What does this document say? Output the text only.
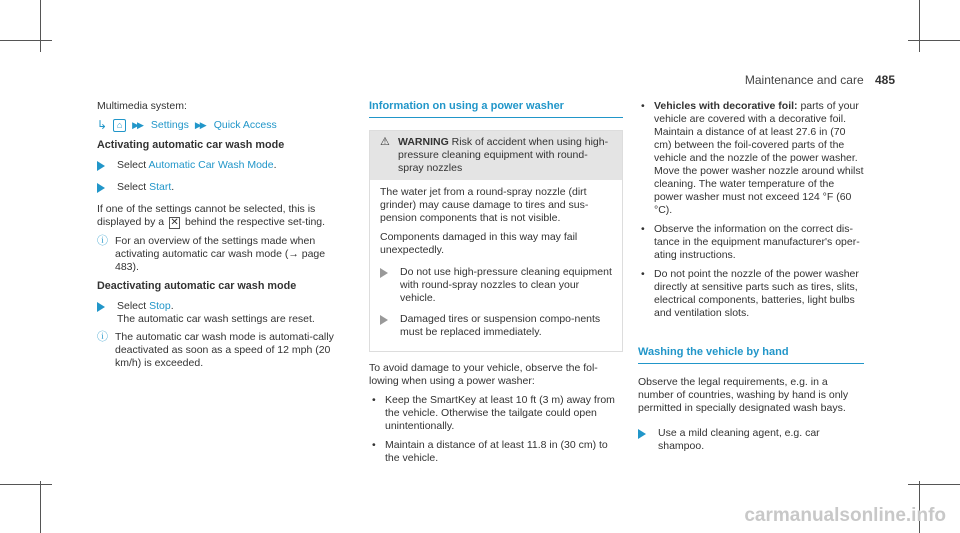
Maintenance and care 485

Multimedia system:

↳	⌂	▶▶ Settings ▶▶ Quick Access
Activating automatic car wash mode
Select Automatic Car Wash Mode.
Select Start.

If one of the settings cannot be selected, this is displayed by a ✕ behind the respective set-ting.

ⓘ For an overview of the settings made when activating automatic car wash mode (→ page 483).
Deactivating automatic car wash mode
Select Stop.
The automatic car wash settings are reset.
ⓘ The automatic car wash mode is automati-cally deactivated as soon as a speed of 12 mph (20 km/h) is exceeded.
Information on using a power washer
⚠ WARNING Risk of accident when using high-pressure cleaning equipment with round-spray nozzles

The water jet from a round-spray nozzle (dirt grinder) may cause damage to tires and sus-pension components that is not visible.

Components damaged in this way may fail unexpectedly.

Do not use high-pressure cleaning equipment with round-spray nozzles to clean your vehicle.
Damaged tires or suspension compo-nents must be replaced immediately.

To avoid damage to your vehicle, observe the fol-lowing when using a power washer:

• Keep the SmartKey at least 10 ft (3 m) away from the vehicle. Otherwise the tailgate could open unintentionally.
• Maintain a distance of at least 11.8 in (30 cm) to the vehicle.
• Vehicles with decorative foil: parts of your vehicle are covered with a decorative foil. Maintain a distance of at least 27.6 in (70 cm) between the foil-covered parts of the vehicle and the nozzle of the power washer. Move the power washer nozzle around whilst cleaning. The water temperature of the power washer must not exceed 124 °F (60 °C).
• Observe the information on the correct dis-tance in the equipment manufacturer's oper-ating instructions.
• Do not point the nozzle of the power washer directly at sensitive parts such as tires, slits, electrical components, batteries, light bulbs and ventilation slots.
Washing the vehicle by hand

Observe the legal requirements, e.g. in a number of countries, washing by hand is only permitted in specially designated wash bays.

Use a mild cleaning agent, e.g. car shampoo.
carmanualsonline.info
